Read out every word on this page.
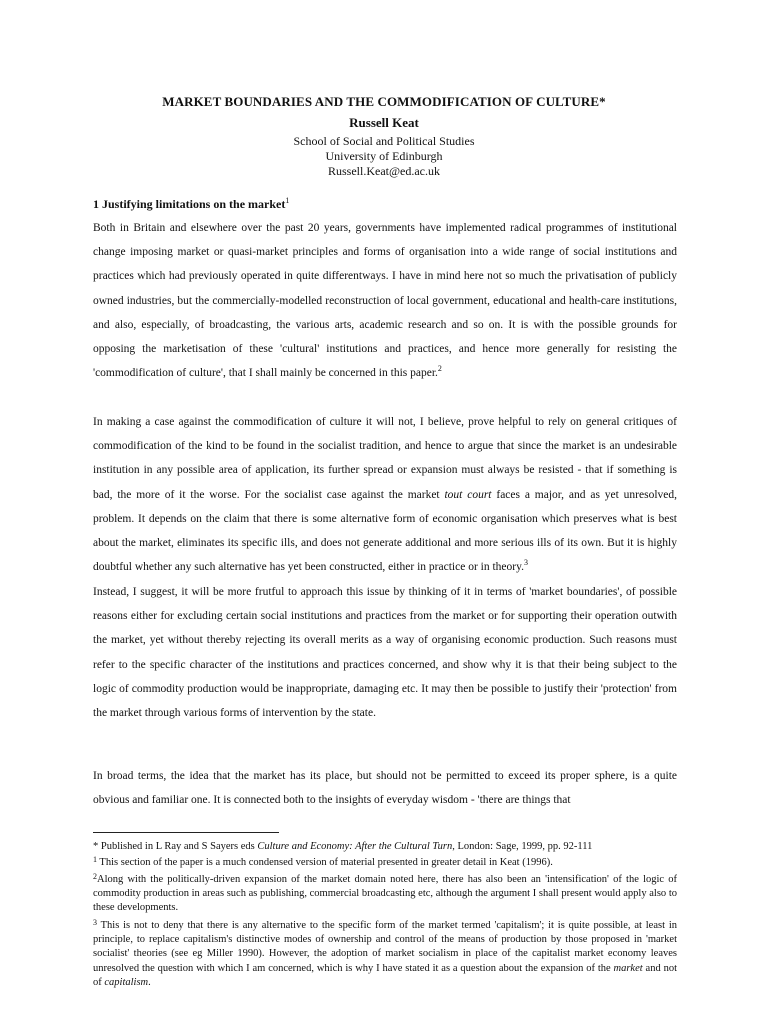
MARKET BOUNDARIES AND THE COMMODIFICATION OF CULTURE*
Russell Keat
School of Social and Political Studies
University of Edinburgh
Russell.Keat@ed.ac.uk
1 Justifying limitations on the market$^1$

Both in Britain and elsewhere over the past 20 years, governments have implemented radical programmes of institutional change imposing market or quasi-market principles and forms of organisation into a wide range of social institutions and practices which had previously operated in quite differentways. I have in mind here not so much the privatisation of publicly owned industries, but the commercially-modelled reconstruction of local government, educational and health-care institutions, and also, especially, of broadcasting, the various arts, academic research and so on. It is with the possible grounds for opposing the marketisation of these 'cultural' institutions and practices, and hence more generally for resisting the 'commodification of culture', that I shall mainly be concerned in this paper.$^2$

In making a case against the commodification of culture it will not, I believe, prove helpful to rely on general critiques of commodification of the kind to be found in the socialist tradition, and hence to argue that since the market is an undesirable institution in any possible area of application, its further spread or expansion must always be resisted - that if something is bad, the more of it the worse. For the socialist case against the market tout court faces a major, and as yet unresolved, problem. It depends on the claim that there is some alternative form of economic organisation which preserves what is best about the market, eliminates its specific ills, and does not generate additional and more serious ills of its own. But it is highly doubtful whether any such alternative has yet been constructed, either in practice or in theory.$^3$

Instead, I suggest, it will be more frutful to approach this issue by thinking of it in terms of 'market boundaries', of possible reasons either for excluding certain social institutions and practices from the market or for supporting their operation outwith the market, yet without thereby rejecting its overall merits as a way of organising economic production. Such reasons must refer to the specific character of the institutions and practices concerned, and show why it is that their being subject to the logic of commodity production would be inappropriate, damaging etc. It may then be possible to justify their 'protection' from the market through various forms of intervention by the state.

In broad terms, the idea that the market has its place, but should not be permitted to exceed its proper sphere, is a quite obvious and familiar one. It is connected both to the insights of everyday wisdom - 'there are things that

* Published in L Ray and S Sayers eds Culture and Economy: After the Cultural Turn, London: Sage, 1999, pp. 92-111

$^1$ This section of the paper is a much condensed version of material presented in greater detail in Keat (1996).

$^2$Along with the politically-driven expansion of the market domain noted here, there has also been an 'intensification' of the logic of commodity production in areas such as publishing, commercial broadcasting etc, although the argument I shall present would apply also to these developments.

$^3$ This is not to deny that there is any alternative to the specific form of the market termed 'capitalism'; it is quite possible, at least in principle, to replace capitalism's distinctive modes of ownership and control of the means of production by those proposed in 'market socialist' theories (see eg Miller 1990). However, the adoption of market socialism in place of the capitalist market economy leaves unresolved the question with which I am concerned, which is why I have stated it as a question about the expansion of the market and not of capitalism.
